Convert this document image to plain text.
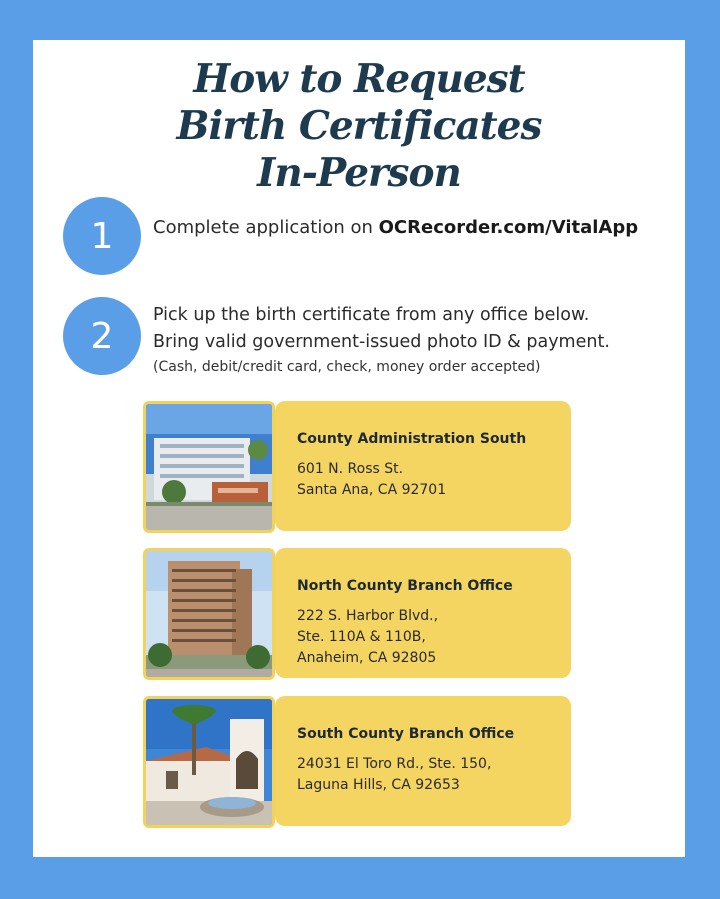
How to Request
Birth Certificates
In-Person
1	Complete application on OCRecorder.com/VitalApp
2
Pick up the birth certificate from any office below.
Bring valid government-issued photo ID & payment.
(Cash, debit/credit card, check, money order accepted)
County Administration South
601 N. Ross St.
Santa Ana, CA 92701
North County Branch Office
222 S. Harbor Blvd.,
Ste. 110A & 110B,
Anaheim, CA 92805
South County Branch Office
24031 El Toro Rd., Ste. 150,
Laguna Hills, CA 92653
